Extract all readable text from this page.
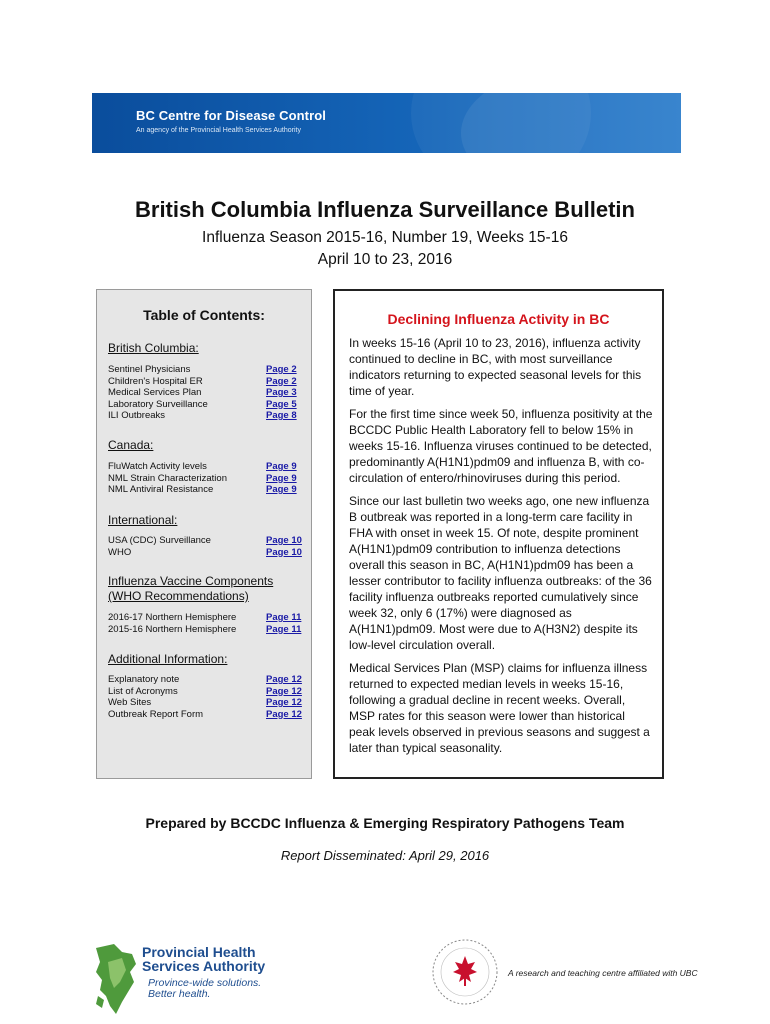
BC Centre for Disease Control
An agency of the Provincial Health Services Authority
British Columbia Influenza Surveillance Bulletin
Influenza Season 2015-16, Number 19, Weeks 15-16
April 10 to 23, 2016
Table of Contents:
British Columbia:
Sentinel Physicians
Children's Hospital ER
Medical Services Plan
Laboratory Surveillance
ILI Outbreaks
Page 2
Page 2
Page 3
Page 5
Page 8
Canada:
FluWatch Activity levels
NML Strain Characterization
NML Antiviral Resistance
Page 9
Page 9
Page 9
International:
USA (CDC) Surveillance
WHO
Page 10
Page 10
Influenza Vaccine Components
(WHO Recommendations)
2016-17 Northern Hemisphere
2015-16 Northern Hemisphere
Page 11
Page 11
Additional Information:
Explanatory note
List of Acronyms
Web Sites
Outbreak Report Form
Page 12
Page 12
Page 12
Page 12
Declining Influenza Activity in BC

In weeks 15-16 (April 10 to 23, 2016), influenza activity continued to decline in BC, with most surveillance indicators returning to expected seasonal levels for this time of year.

For the first time since week 50, influenza positivity at the BCCDC Public Health Laboratory fell to below 15% in weeks 15-16. Influenza viruses continued to be detected, predominantly A(H1N1)pdm09 and influenza B, with co-circulation of entero/rhinoviruses during this period.

Since our last bulletin two weeks ago, one new influenza B outbreak was reported in a long-term care facility in FHA with onset in week 15. Of note, despite prominent A(H1N1)pdm09 contribution to influenza detections overall this season in BC, A(H1N1)pdm09 has been a lesser contributor to facility influenza outbreaks: of the 36 facility influenza outbreaks reported cumulatively since week 32, only 6 (17%) were diagnosed as A(H1N1)pdm09. Most were due to A(H3N2) despite its low-level circulation overall.

Medical Services Plan (MSP) claims for influenza illness returned to expected median levels in weeks 15-16, following a gradual decline in recent weeks. Overall, MSP rates for this season were lower than historical peak levels observed in previous seasons and suggest a later than typical seasonality.

Prepared by BCCDC Influenza & Emerging Respiratory Pathogens Team
Report Disseminated: April 29, 2016
Provincial Health
Services Authority
Province-wide solutions.
Better health.
A research and teaching centre affiliated with UBC
